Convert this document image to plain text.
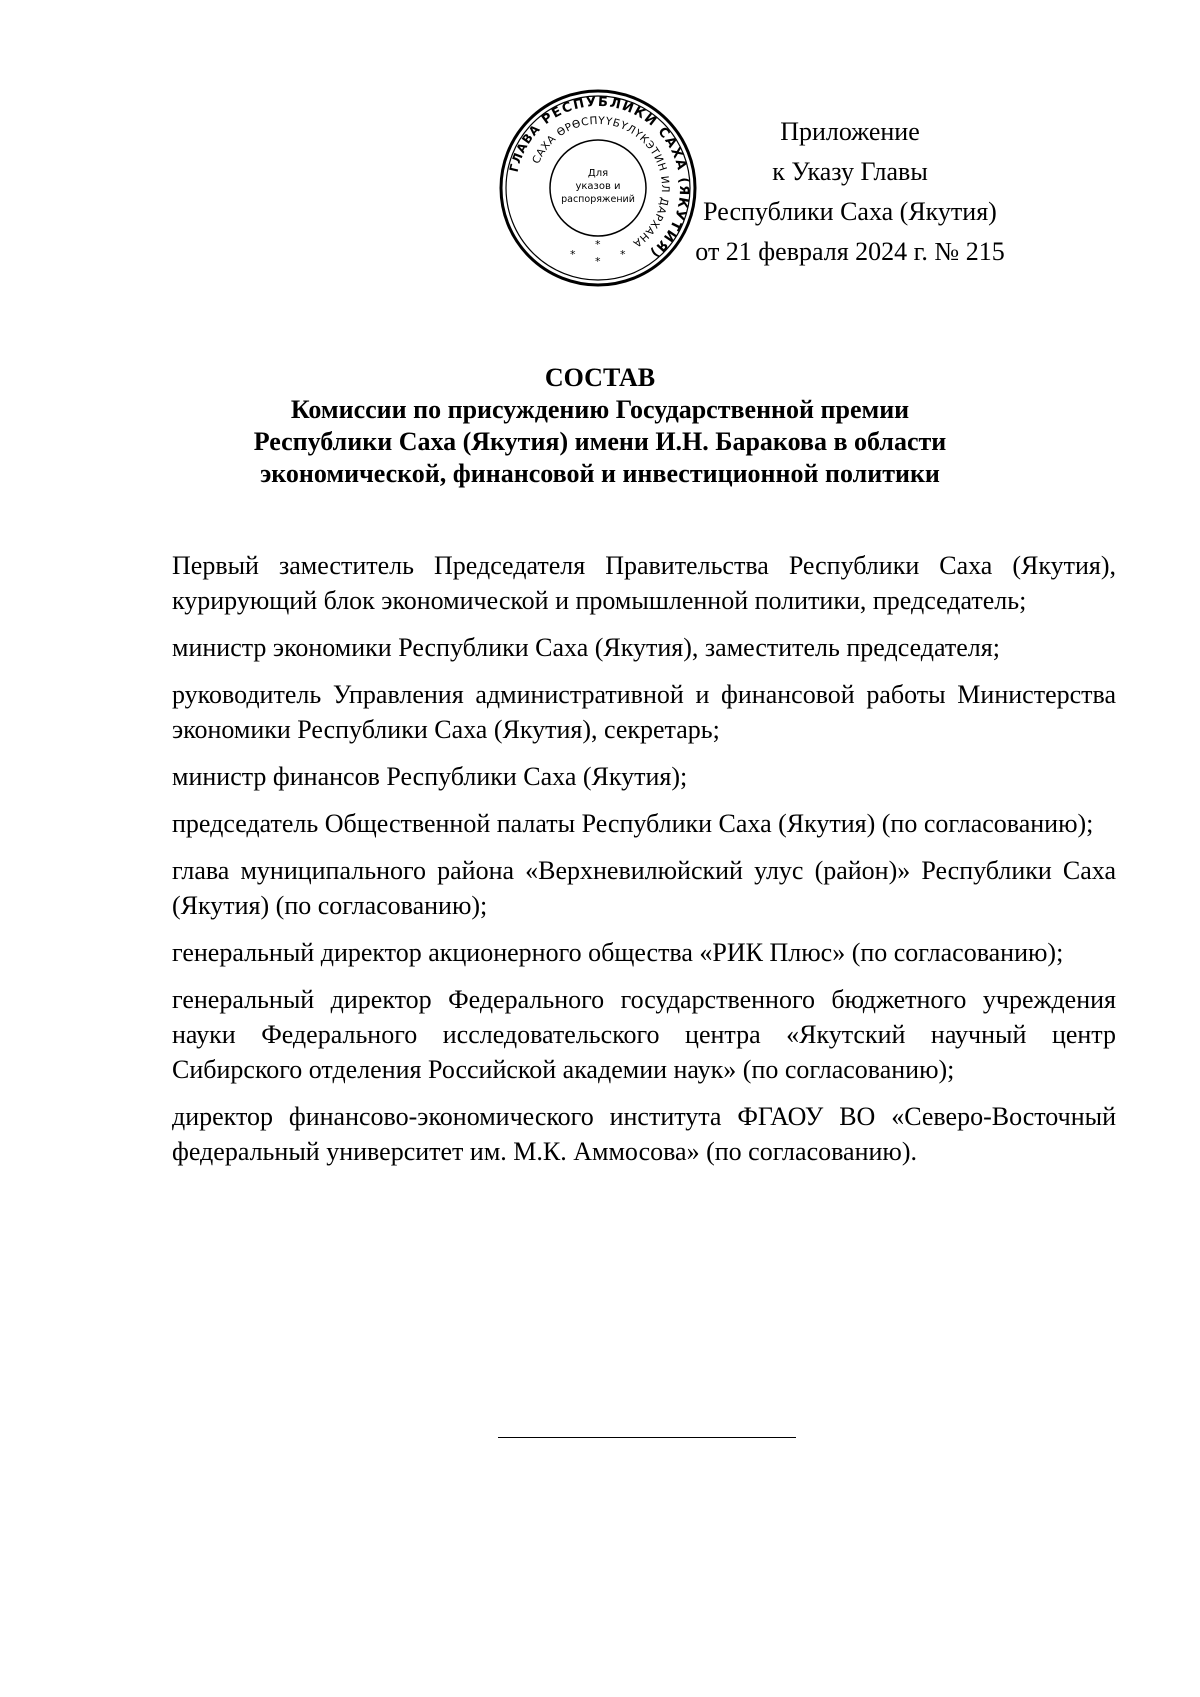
РЕСПУБЛИКИ САХА (ЯКУТИЯ)
ГЛАВА
САХА ӨРӨСПҮҮБҮЛҮКЭТИН ИЛ ДАРХАНА
Для
указов и
распоряжений
*
*
*
*
Приложение
к Указу Главы
Республики Саха (Якутия)
от 21 февраля 2024 г. № 215
СОСТАВ
Комиссии по присуждению Государственной премии
Республики Саха (Якутия) имени И.Н. Баракова в области
экономической, финансовой и инвестиционной политики

Первый заместитель Председателя Правительства Республики Саха (Якутия), курирующий блок экономической и промышленной политики, председатель;

министр экономики Республики Саха (Якутия), заместитель председателя;

руководитель Управления административной и финансовой работы Министерства экономики Республики Саха (Якутия), секретарь;

министр финансов Республики Саха (Якутия);

председатель Общественной палаты Республики Саха (Якутия) (по согласованию);

глава муниципального района «Верхневилюйский улус (район)» Республики Саха (Якутия) (по согласованию);

генеральный директор акционерного общества «РИК Плюс» (по согласованию);

генеральный директор Федерального государственного бюджетного учреждения науки Федерального исследовательского центра «Якутский научный центр Сибирского отделения Российской академии наук» (по согласованию);

директор финансово-экономического института ФГАОУ ВО «Северо-Восточный федеральный университет им. М.К. Аммосова» (по согласованию).
